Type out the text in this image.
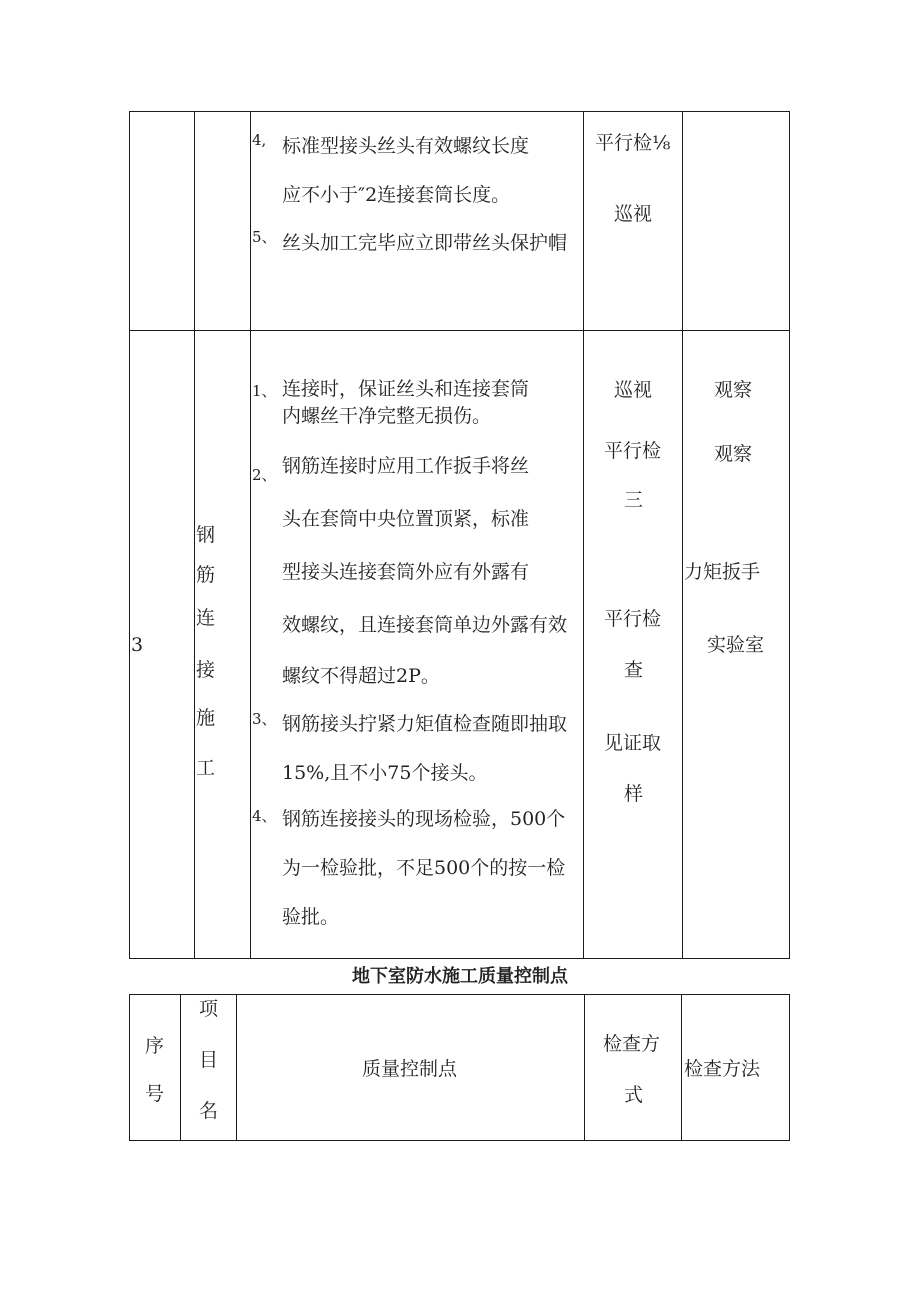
4, 标准型接头丝头有效螺纹长度
应不小于″2连接套筒长度。
5、 丝头加工完毕应立即带丝头保护帽
平行检⅛
巡视
3
钢
筋
连
接
施
工
1、 连接时，保证丝头和连接套筒
内螺丝干净完整无损伤。
2、 钢筋连接时应用工作扳手将丝
头在套筒中央位置顶紧，标准
型接头连接套筒外应有外露有
效螺纹，且连接套筒单边外露有效
螺纹不得超过2P。
3、 钢筋接头拧紧力矩值检查随即抽取
15%,且不小75个接头。
4、 钢筋连接接头的现场检验，500个
为一检验批，不足500个的按一检
验批。
巡视
平行检
三
平行检
查
见证取
样
观察
观察
力矩扳手
实验室
地下室防水施工质量控制点
序
号
项
目
名
质量控制点
检查方
式
检查方法
